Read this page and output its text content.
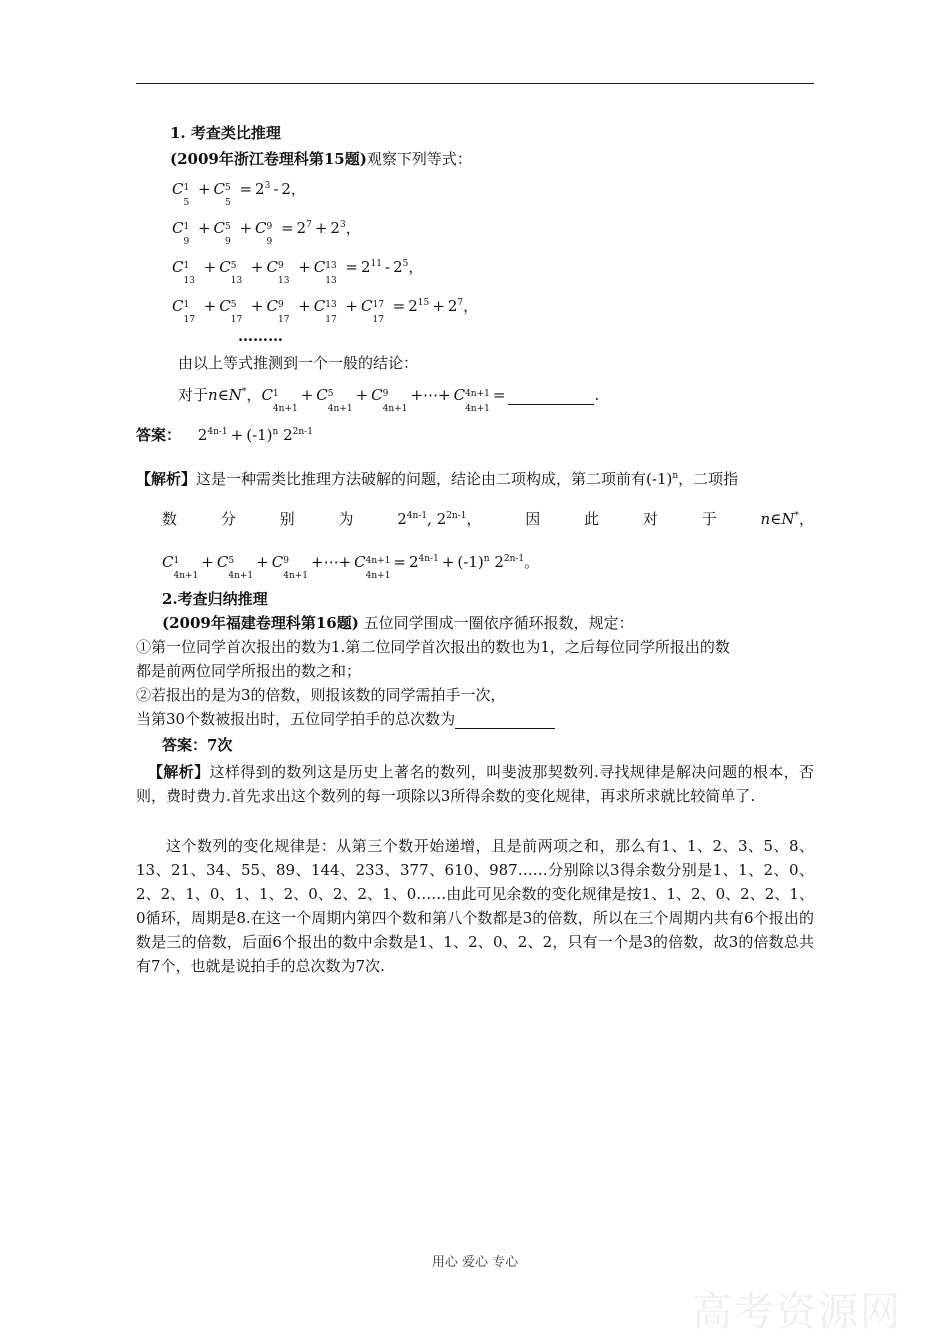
1. 考查类比推理
(2009年浙江卷理科第15题)观察下列等式：
C 1
5
+ C 5
5
= $2^3 - 2$，
C 1
9
+ C 5
9
+ C 9
9
= $2^7 + 2^3$，
C 1
13
+ C 5
13
+ C 9
13
+ C 13
13
= $2^{11} - 2^5$，
C 1
17
+ C 5
17
+ C 9
17
+ C 13
17
+ C 17
17
= $2^{15} + 2^7$，
………
由以上等式推测到一个一般的结论：
对于n∈N*，C 1
4n+1
+ C 5
4n+1
+ C 9
4n+1
+⋯+ C 4n+1
4n+1
=	.
答案： $2^{4n-1} + (-1)^n$ $2^{2n-1}$
【解析】这是一种需类比推理方法破解的问题，结论由二项构成，第二项前有$(-1)^n$，二项指
数	分	别	为	$2^{4n-1}$, $2^{2n-1}$，	因	此	对	于	n∈N*，
C 1
4n+1
+ C 5
4n+1
+ C 9
4n+1
+⋯+ C 4n+1
4n+1
= $2^{4n-1} + (-1)^n$ $2^{2n-1}$。
2.考查归纳推理
(2009年福建卷理科第16题) 五位同学围成一圈依序循环报数，规定：
①第一位同学首次报出的数为1.第二位同学首次报出的数也为1，之后每位同学所报出的数
都是前两位同学所报出的数之和；
②若报出的是为3的倍数，则报该数的同学需拍手一次，
当第30个数被报出时，五位同学拍手的总次数为
答案：7次
【解析】这样得到的数列这是历史上著名的数列，叫斐波那契数列.寻找规律是解决问题的根本，否则，费时费力.首先求出这个数列的每一项除以3所得余数的变化规律，再求所求就比较简单了.
这个数列的变化规律是：从第三个数开始递增，且是前两项之和，那么有1、1、2、3、5、8、13、21、34、55、89、144、233、377、610、987……分别除以3得余数分别是1、1、2、0、2、2、1、0、1、1、2、0、2、2、1、0……由此可见余数的变化规律是按1、1、2、0、2、2、1、0循环，周期是8.在这一个周期内第四个数和第八个数都是3的倍数，所以在三个周期内共有6个报出的数是三的倍数，后面6个报出的数中余数是1、1、2、0、2、2，只有一个是3的倍数，故3的倍数总共有7个，也就是说拍手的总次数为7次.
用心 爱心 专心
高考资源网
